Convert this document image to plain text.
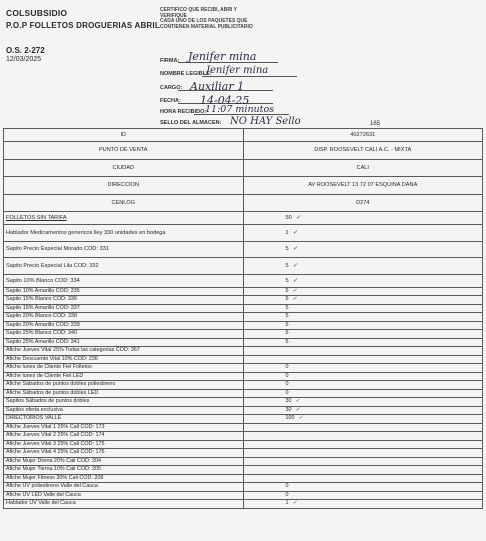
COLSUBSIDIO
P.O.P FOLLETOS DROGUERIAS ABRIL
O.S. 2-272
12/03/2025
CERTIFICO QUE RECIBI, ABRI Y
VERIFIQUE
CADA UNO DE LOS PAQUETES QUE
CONTIENEN MATERIAL PUBLICITARIO
FIRMA: Jenifer mina
NOMBRE LEGIBLE:
Jenifer mina
CARGO: Auxiliar 1
FECHA: 14-04-25
HORA RECIBIDO:
11:07 minutos
SELLO DEL ALMACEN: NO HAY Sello	165
ID	40272631
PUNTO DE VENTA	DISP. ROOSEVELT CALI A.C. - MIXTA
CIUDAD	CALI
DIRECCION	AV ROOSEVELT 13 72 07 ESQUINA DANA
CENLOG	D274
FOLLETOS SIN TARIFA	50 ✓
Hablador Medicamentos genericos lley 330 unidades en bodega	1 ✓
Sapito Precio Especial Morado COD: 331	5 ✓
Sapito Precio Especial Lila COD: 332	5 ✓
Sapito 10% Blanco COD: 334	5 ✓
Sapito 10% Amarillo COD: 335	5 ✓
Sapito 15% Blanco COD: 336	5 ✓
Sapito 15% Amarillo COD: 337	5
Sapito 20% Blanco COD: 338	5
Sapito 20% Amarillo COD: 339	5
Sapito 25% Blanco COD: 340	5
Sapito 25% Amarillo COD: 341	5
Afiche Jueves Vital 25% Todas las categorias COD: 367	
Afiche Descuento Vital 10% COD: 236	
Afiche lunes de Cliente Fiel Folletos	0
Afiche lunes de Cliente Fiel LED	0
Afiche Sábados de puntos dobles poliestireno	0
Afiche Sábados de puntos dobles LED	0
Sapitos Sábados de puntos dobles	30 ✓
Sapitos oferta exclusiva	30 ✓
DIRECTORIOS VALLE	100 ✓
Afiche Jueves Vital 1 25% Cali COD: 173	
Afiche Jueves Vital 2 25% Cali COD: 174	
Afiche Jueves Vital 3 25% Cali COD: 175	
Afiche Jueves Vital 4 25% Cali COD: 176	
Afiche Mujer Divina 20% Cali COD: 204	
Afiche Mujer Tierna 10% Cali COD: 205	
Afiche Mujer Fitness 30% Cali COD: 208	
Afiche UV poliestireno Valle del Cauca	0
Afiche UV LED Valle del Cauca	0
Hablador UV Valle del Cauca	1 ✓
